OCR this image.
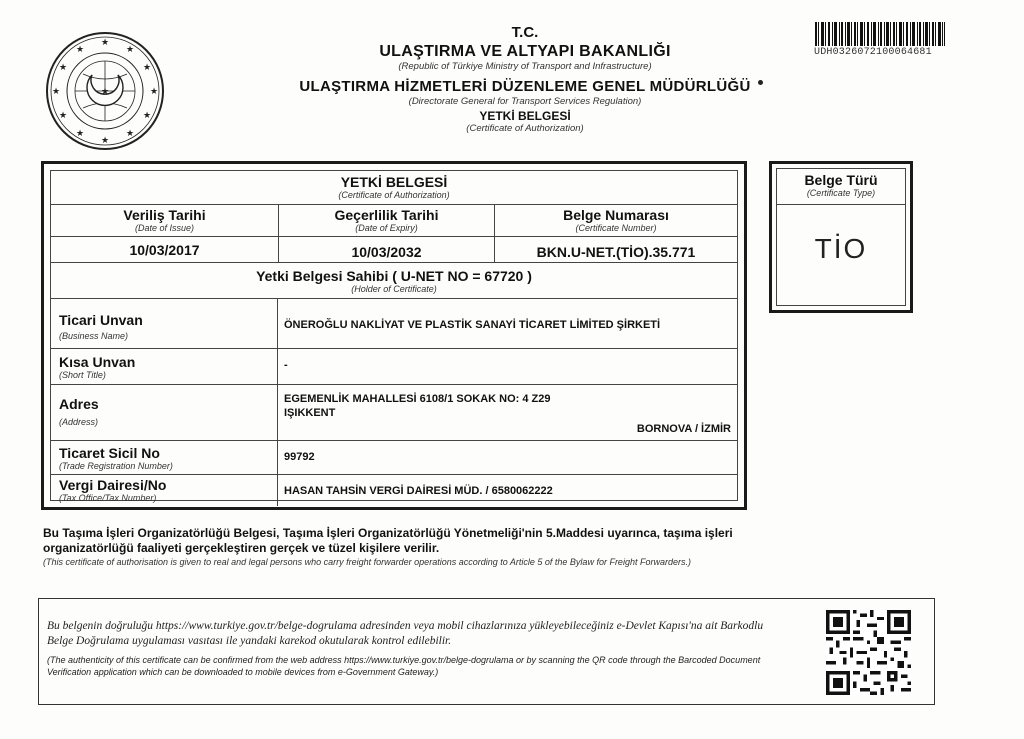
★
★
★
★
★
★
★
★
★
★
★
★
★
T.C.
ULAŞTIRMA VE ALTYAPI BAKANLIĞI
(Republic of Türkiye Ministry of Transport and Infrastructure)
ULAŞTIRMA HİZMETLERİ DÜZENLEME GENEL MÜDÜRLÜĞÜ
(Directorate General for Transport Services Regulation)
YETKİ BELGESİ
(Certificate of Authorization)
UDH0326072100064681
YETKİ BELGESİ
(Certificate of Authorization)
Veriliş Tarihi
(Date of Issue)
Geçerlilik Tarihi
(Date of Expiry)
Belge Numarası
(Certificate Number)
10/03/2017	10/03/2032	BKN.U-NET.(TİO).35.771
Yetki Belgesi Sahibi ( U-NET NO = 67720 )
(Holder of Certificate)
Ticari Unvan
(Business Name)
ÖNEROĞLU NAKLİYAT VE PLASTİK SANAYİ TİCARET LİMİTED ŞİRKETİ
Kısa Unvan
(Short Title)
-
Adres
(Address)
EGEMENLİK MAHALLESİ 6108/1 SOKAK NO: 4 Z29
IŞIKKENT
BORNOVA / İZMİR
Ticaret Sicil No
(Trade Registration Number)
99792
Vergi Dairesi/No
(Tax Office/Tax Number)
HASAN TAHSİN VERGİ DAİRESİ MÜD. / 6580062222
Belge Türü
(Certificate Type)
TİO
Bu Taşıma İşleri Organizatörlüğü Belgesi, Taşıma İşleri Organizatörlüğü Yönetmeliği'nin 5.Maddesi uyarınca, taşıma işleri organizatörlüğü faaliyeti gerçekleştiren gerçek ve tüzel kişilere verilir.
(This certificate of authorisation is given to real and legal persons who carry freight forwarder operations according to Article 5 of the Bylaw for Freight Forwarders.)
Bu belgenin doğruluğu https://www.turkiye.gov.tr/belge-dogrulama adresinden veya mobil cihazlarınıza yükleyebileceğiniz e-Devlet Kapısı'na ait Barkodlu Belge Doğrulama uygulaması vasıtası ile yandaki karekod okutularak kontrol edilebilir.
(The authenticity of this certificate can be confirmed from the web address https://www.turkiye.gov.tr/belge-dogrulama or by scanning the QR code through the Barcoded Document Verification application which can be downloaded to mobile devices from e-Government Gateway.)
